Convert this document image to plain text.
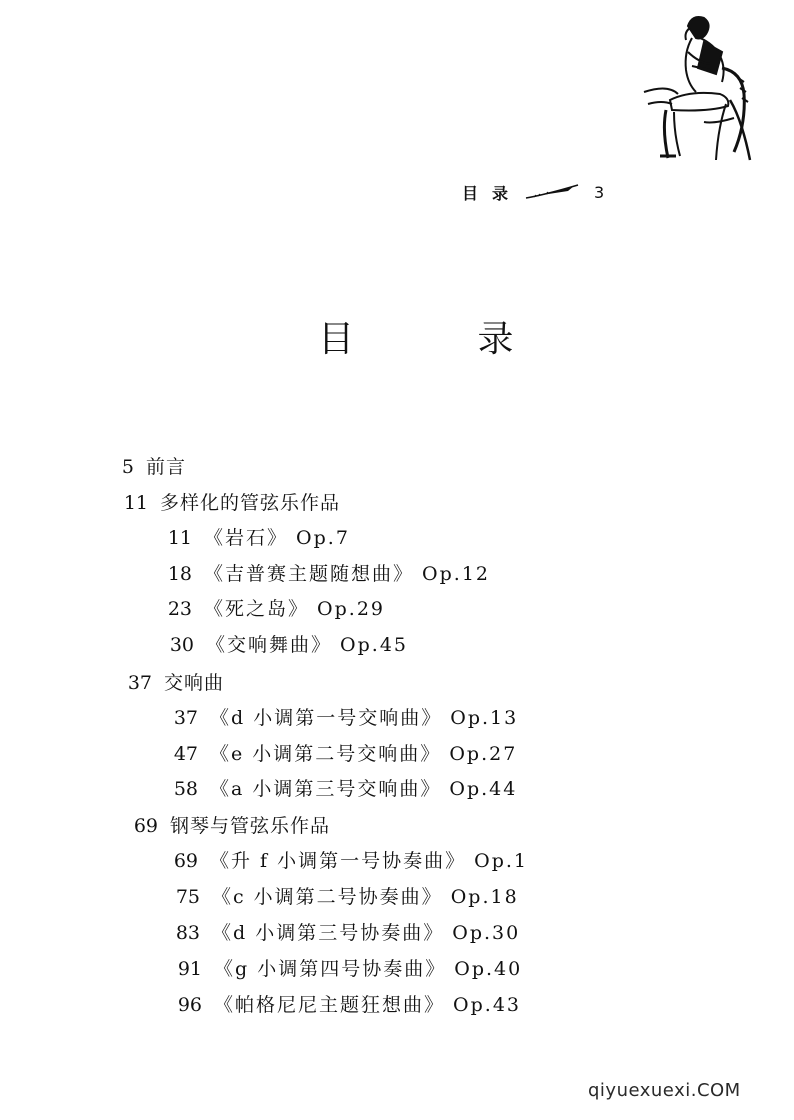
目录	3
目 录
5 前言
11 多样化的管弦乐作品
11 《岩石》 Op.7
18 《吉普赛主题随想曲》 Op.12
23 《死之岛》 Op.29
30 《交响舞曲》 Op.45
37 交响曲
37 《d 小调第一号交响曲》 Op.13
47 《e 小调第二号交响曲》 Op.27
58 《a 小调第三号交响曲》 Op.44
69 钢琴与管弦乐作品
69 《升 f 小调第一号协奏曲》 Op.1
75 《c 小调第二号协奏曲》 Op.18
83 《d 小调第三号协奏曲》 Op.30
91 《g 小调第四号协奏曲》 Op.40
96 《帕格尼尼主题狂想曲》 Op.43
qiyuexuexi.COM
